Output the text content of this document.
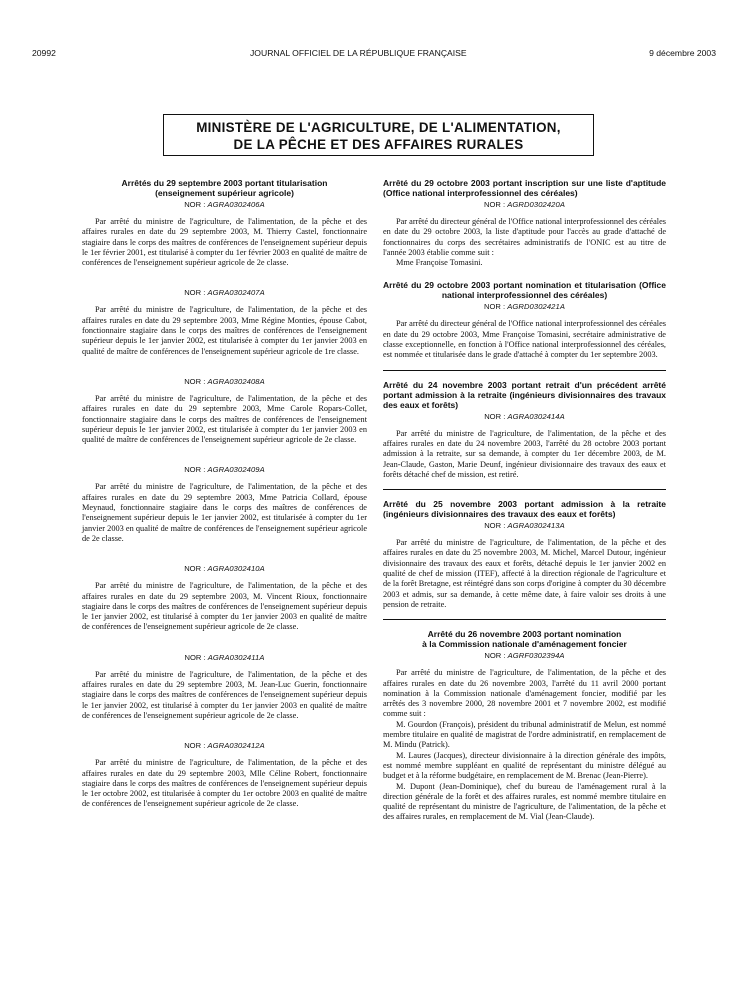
20992	JOURNAL OFFICIEL DE LA RÉPUBLIQUE FRANÇAISE	9 décembre 2003
MINISTÈRE DE L'AGRICULTURE, DE L'ALIMENTATION,
DE LA PÊCHE ET DES AFFAIRES RURALES
Arrêtés du 29 septembre 2003 portant titularisation
(enseignement supérieur agricole)
NOR : AGRA0302406A

Par arrêté du ministre de l'agriculture, de l'alimentation, de la pêche et des affaires rurales en date du 29 septembre 2003, M. Thierry Castel, fonctionnaire stagiaire dans le corps des maîtres de conférences de l'enseignement supérieur depuis le 1er février 2001, est titularisé à compter du 1er février 2003 en qualité de maître de conférences de l'enseignement supérieur agricole de 2e classe.

NOR : AGRA0302407A

Par arrêté du ministre de l'agriculture, de l'alimentation, de la pêche et des affaires rurales en date du 29 septembre 2003, Mme Régine Monties, épouse Cabot, fonctionnaire stagiaire dans le corps des maîtres de conférences de l'enseignement supérieur depuis le 1er janvier 2002, est titularisée à compter du 1er janvier 2003 en qualité de maître de conférences de l'enseignement supérieur agricole de 1re classe.

NOR : AGRA0302408A

Par arrêté du ministre de l'agriculture, de l'alimentation, de la pêche et des affaires rurales en date du 29 septembre 2003, Mme Carole Ropars-Collet, fonctionnaire stagiaire dans le corps des maîtres de conférences de l'enseignement supérieur depuis le 1er janvier 2002, est titularisée à compter du 1er janvier 2003 en qualité de maître de conférences de l'enseignement supérieur agricole de 2e classe.

NOR : AGRA0302409A

Par arrêté du ministre de l'agriculture, de l'alimentation, de la pêche et des affaires rurales en date du 29 septembre 2003, Mme Patricia Collard, épouse Meynaud, fonctionnaire stagiaire dans le corps des maîtres de conférences de l'enseignement supérieur depuis le 1er janvier 2002, est titularisée à compter du 1er janvier 2003 en qualité de maître de conférences de l'enseignement supérieur agricole de 2e classe.

NOR : AGRA0302410A

Par arrêté du ministre de l'agriculture, de l'alimentation, de la pêche et des affaires rurales en date du 29 septembre 2003, M. Vincent Rioux, fonctionnaire stagiaire dans le corps des maîtres de conférences de l'enseignement supérieur depuis le 1er janvier 2002, est titularisé à compter du 1er janvier 2003 en qualité de maître de conférences de l'enseignement supérieur agricole de 2e classe.

NOR : AGRA0302411A

Par arrêté du ministre de l'agriculture, de l'alimentation, de la pêche et des affaires rurales en date du 29 septembre 2003, M. Jean-Luc Guerin, fonctionnaire stagiaire dans le corps des maîtres de conférences de l'enseignement supérieur depuis le 1er janvier 2002, est titularisé à compter du 1er janvier 2003 en qualité de maître de conférences de l'enseignement supérieur agricole de 2e classe.

NOR : AGRA0302412A

Par arrêté du ministre de l'agriculture, de l'alimentation, de la pêche et des affaires rurales en date du 29 septembre 2003, Mlle Céline Robert, fonctionnaire stagiaire dans le corps des maîtres de conférences de l'enseignement supérieur depuis le 1er octobre 2002, est titularisée à compter du 1er octobre 2003 en qualité de maître de conférences de l'enseignement supérieur agricole de 2e classe.

Arrêté du 29 octobre 2003 portant inscription sur une liste d'aptitude (Office national interprofessionnel des céréales)
NOR : AGRD0302420A

Par arrêté du directeur général de l'Office national interprofessionnel des céréales en date du 29 octobre 2003, la liste d'aptitude pour l'accès au grade d'attaché de fonctionnaires du corps des secrétaires administratifs de l'ONIC est au titre de l'année 2003 établie comme suit :

Mme Françoise Tomasini.

Arrêté du 29 octobre 2003 portant nomination et titularisation (Office national interprofessionnel des céréales)
NOR : AGRD0302421A

Par arrêté du directeur général de l'Office national interprofessionnel des céréales en date du 29 octobre 2003, Mme Françoise Tomasini, secrétaire administrative de classe exceptionnelle, en fonction à l'Office national interprofessionnel des céréales, est nommée et titularisée dans le grade d'attaché à compter du 1er septembre 2003.

Arrêté du 24 novembre 2003 portant retrait d'un précédent arrêté portant admission à la retraite (ingénieurs divisionnaires des travaux des eaux et forêts)
NOR : AGRA0302414A

Par arrêté du ministre de l'agriculture, de l'alimentation, de la pêche et des affaires rurales en date du 24 novembre 2003, l'arrêté du 28 octobre 2003 portant admission à la retraite, sur sa demande, à compter du 1er décembre 2003, de M. Jean-Claude, Gaston, Marie Deunf, ingénieur divisionnaire des travaux des eaux et forêts détaché chef de mission, est retiré.

Arrêté du 25 novembre 2003 portant admission à la retraite (ingénieurs divisionnaires des travaux des eaux et forêts)
NOR : AGRA0302413A

Par arrêté du ministre de l'agriculture, de l'alimentation, de la pêche et des affaires rurales en date du 25 novembre 2003, M. Michel, Marcel Dutour, ingénieur divisionnaire des travaux des eaux et forêts, détaché depuis le 1er janvier 2002 en qualité de chef de mission (ITEF), affecté à la direction régionale de l'agriculture et de la forêt Bretagne, est réintégré dans son corps d'origine à compter du 30 décembre 2003 et admis, sur sa demande, à cette même date, à faire valoir ses droits à une pension de retraite.

Arrêté du 26 novembre 2003 portant nomination
à la Commission nationale d'aménagement foncier
NOR : AGRF0302394A

Par arrêté du ministre de l'agriculture, de l'alimentation, de la pêche et des affaires rurales en date du 26 novembre 2003, l'arrêté du 11 avril 2000 portant nomination à la Commission nationale d'aménagement foncier, modifié par les arrêtés des 3 novembre 2000, 28 novembre 2001 et 7 novembre 2002, est modifié comme suit :

M. Gourdon (François), président du tribunal administratif de Melun, est nommé membre titulaire en qualité de magistrat de l'ordre administratif, en remplacement de M. Mindu (Patrick).

M. Laures (Jacques), directeur divisionnaire à la direction générale des impôts, est nommé membre suppléant en qualité de représentant du ministre délégué au budget et à la réforme budgétaire, en remplacement de M. Brenac (Jean-Pierre).

M. Dupont (Jean-Dominique), chef du bureau de l'aménagement rural à la direction générale de la forêt et des affaires rurales, est nommé membre titulaire en qualité de représentant du ministre de l'agriculture, de l'alimentation, de la pêche et des affaires rurales, en remplacement de M. Vial (Jean-Claude).
